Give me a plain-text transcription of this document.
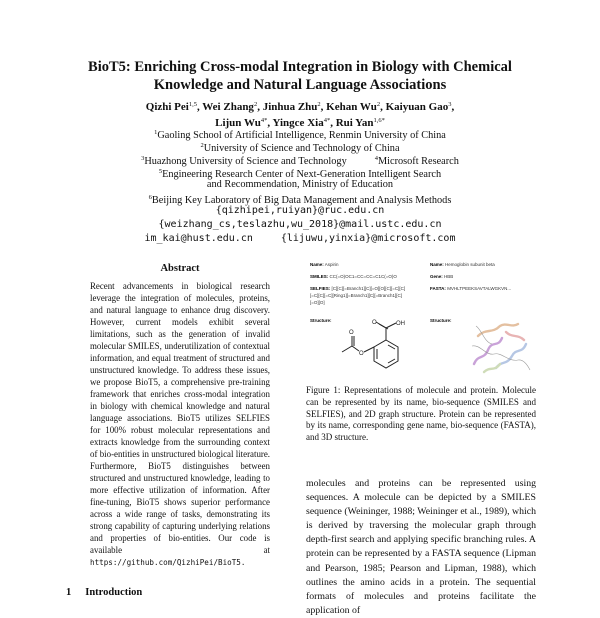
BioT5: Enriching Cross-modal Integration in Biology with Chemical Knowledge and Natural Language Associations
Qizhi Pei$^{1,5}$, Wei Zhang$^2$, Jinhua Zhu$^2$, Kehan Wu$^2$, Kaiyuan Gao$^3$,
Lijun $Wu^{4*}$, Yingce Xia$^{4*}$, Rui Yan$^{1,6*}$
$^1$Gaoling School of Artificial Intelligence, Renmin University of China
$^2$University of Science and Technology of China
$^3$Huazhong University of Science and Technology	$^4$Microsoft Research
$^5$Engineering Research Center of Next-Generation Intelligent Search
and Recommendation, Ministry of Education
$^6$Beijing Key Laboratory of Big Data Management and Analysis Methods
{qizhipei,ruiyan}@ruc.edu.cn
{weizhang_cs,teslazhu,wu_2018}@mail.ustc.edu.cn
im_kai@hust.edu.cn	{lijuwu,yinxia}@microsoft.com
Abstract
Recent advancements in biological research leverage the integration of molecules, proteins, and natural language to enhance drug discovery. However, current models exhibit several limitations, such as the generation of invalid molecular SMILES, underutilization of contextual information, and equal treatment of structured and unstructured knowledge. To address these issues, we propose BioT5, a comprehensive pre-training framework that enriches cross-modal integration in biology with chemical knowledge and natural language associations. BioT5 utilizes SELFIES for 100% robust molecular representations and extracts knowledge from the surrounding context of bio-entities in unstructured biological literature. Furthermore, BioT5 distinguishes between structured and unstructured knowledge, leading to more effective utilization of information. After fine-tuning, BioT5 shows superior performance across a wide range of tasks, demonstrating its strong capability of capturing underlying relations and properties of bio-entities. Our code is available at https://github.com/QizhiPei/BioT5.
1 Introduction
Name: Aspirin
SMILES: CC(=O)OC1=CC=CC=C1C(=O)O
SELFIES: [C][C][=Branch1][C][=O][O][C][=C][C]
[=C][C][=C][Ring1][=Branch1][C][=Branch1][C]
[=O][O]
Structure:	O	OH
O
O
Name: Hemoglobin subunit beta
Gene: HBB
FASTA: MVHLTPEEKSAVTALWGKVN...
Structure:
Figure 1: Representations of molecule and protein. Molecule can be represented by its name, bio-sequence (SMILES and SELFIES), and 2D graph structure. Protein can be represented by its name, corresponding gene name, bio-sequence (FASTA), and 3D structure.
molecules and proteins can be represented using sequences. A molecule can be depicted by a SMILES sequence (Weininger, 1988; Weininger et al., 1989), which is derived by traversing the molecular graph through depth-first search and applying specific branching rules. A protein can be represented by a FASTA sequence (Lipman and Pearson, 1985; Pearson and Lipman, 1988), which outlines the amino acids in a protein. The sequential formats of molecules and proteins facilitate the application of
